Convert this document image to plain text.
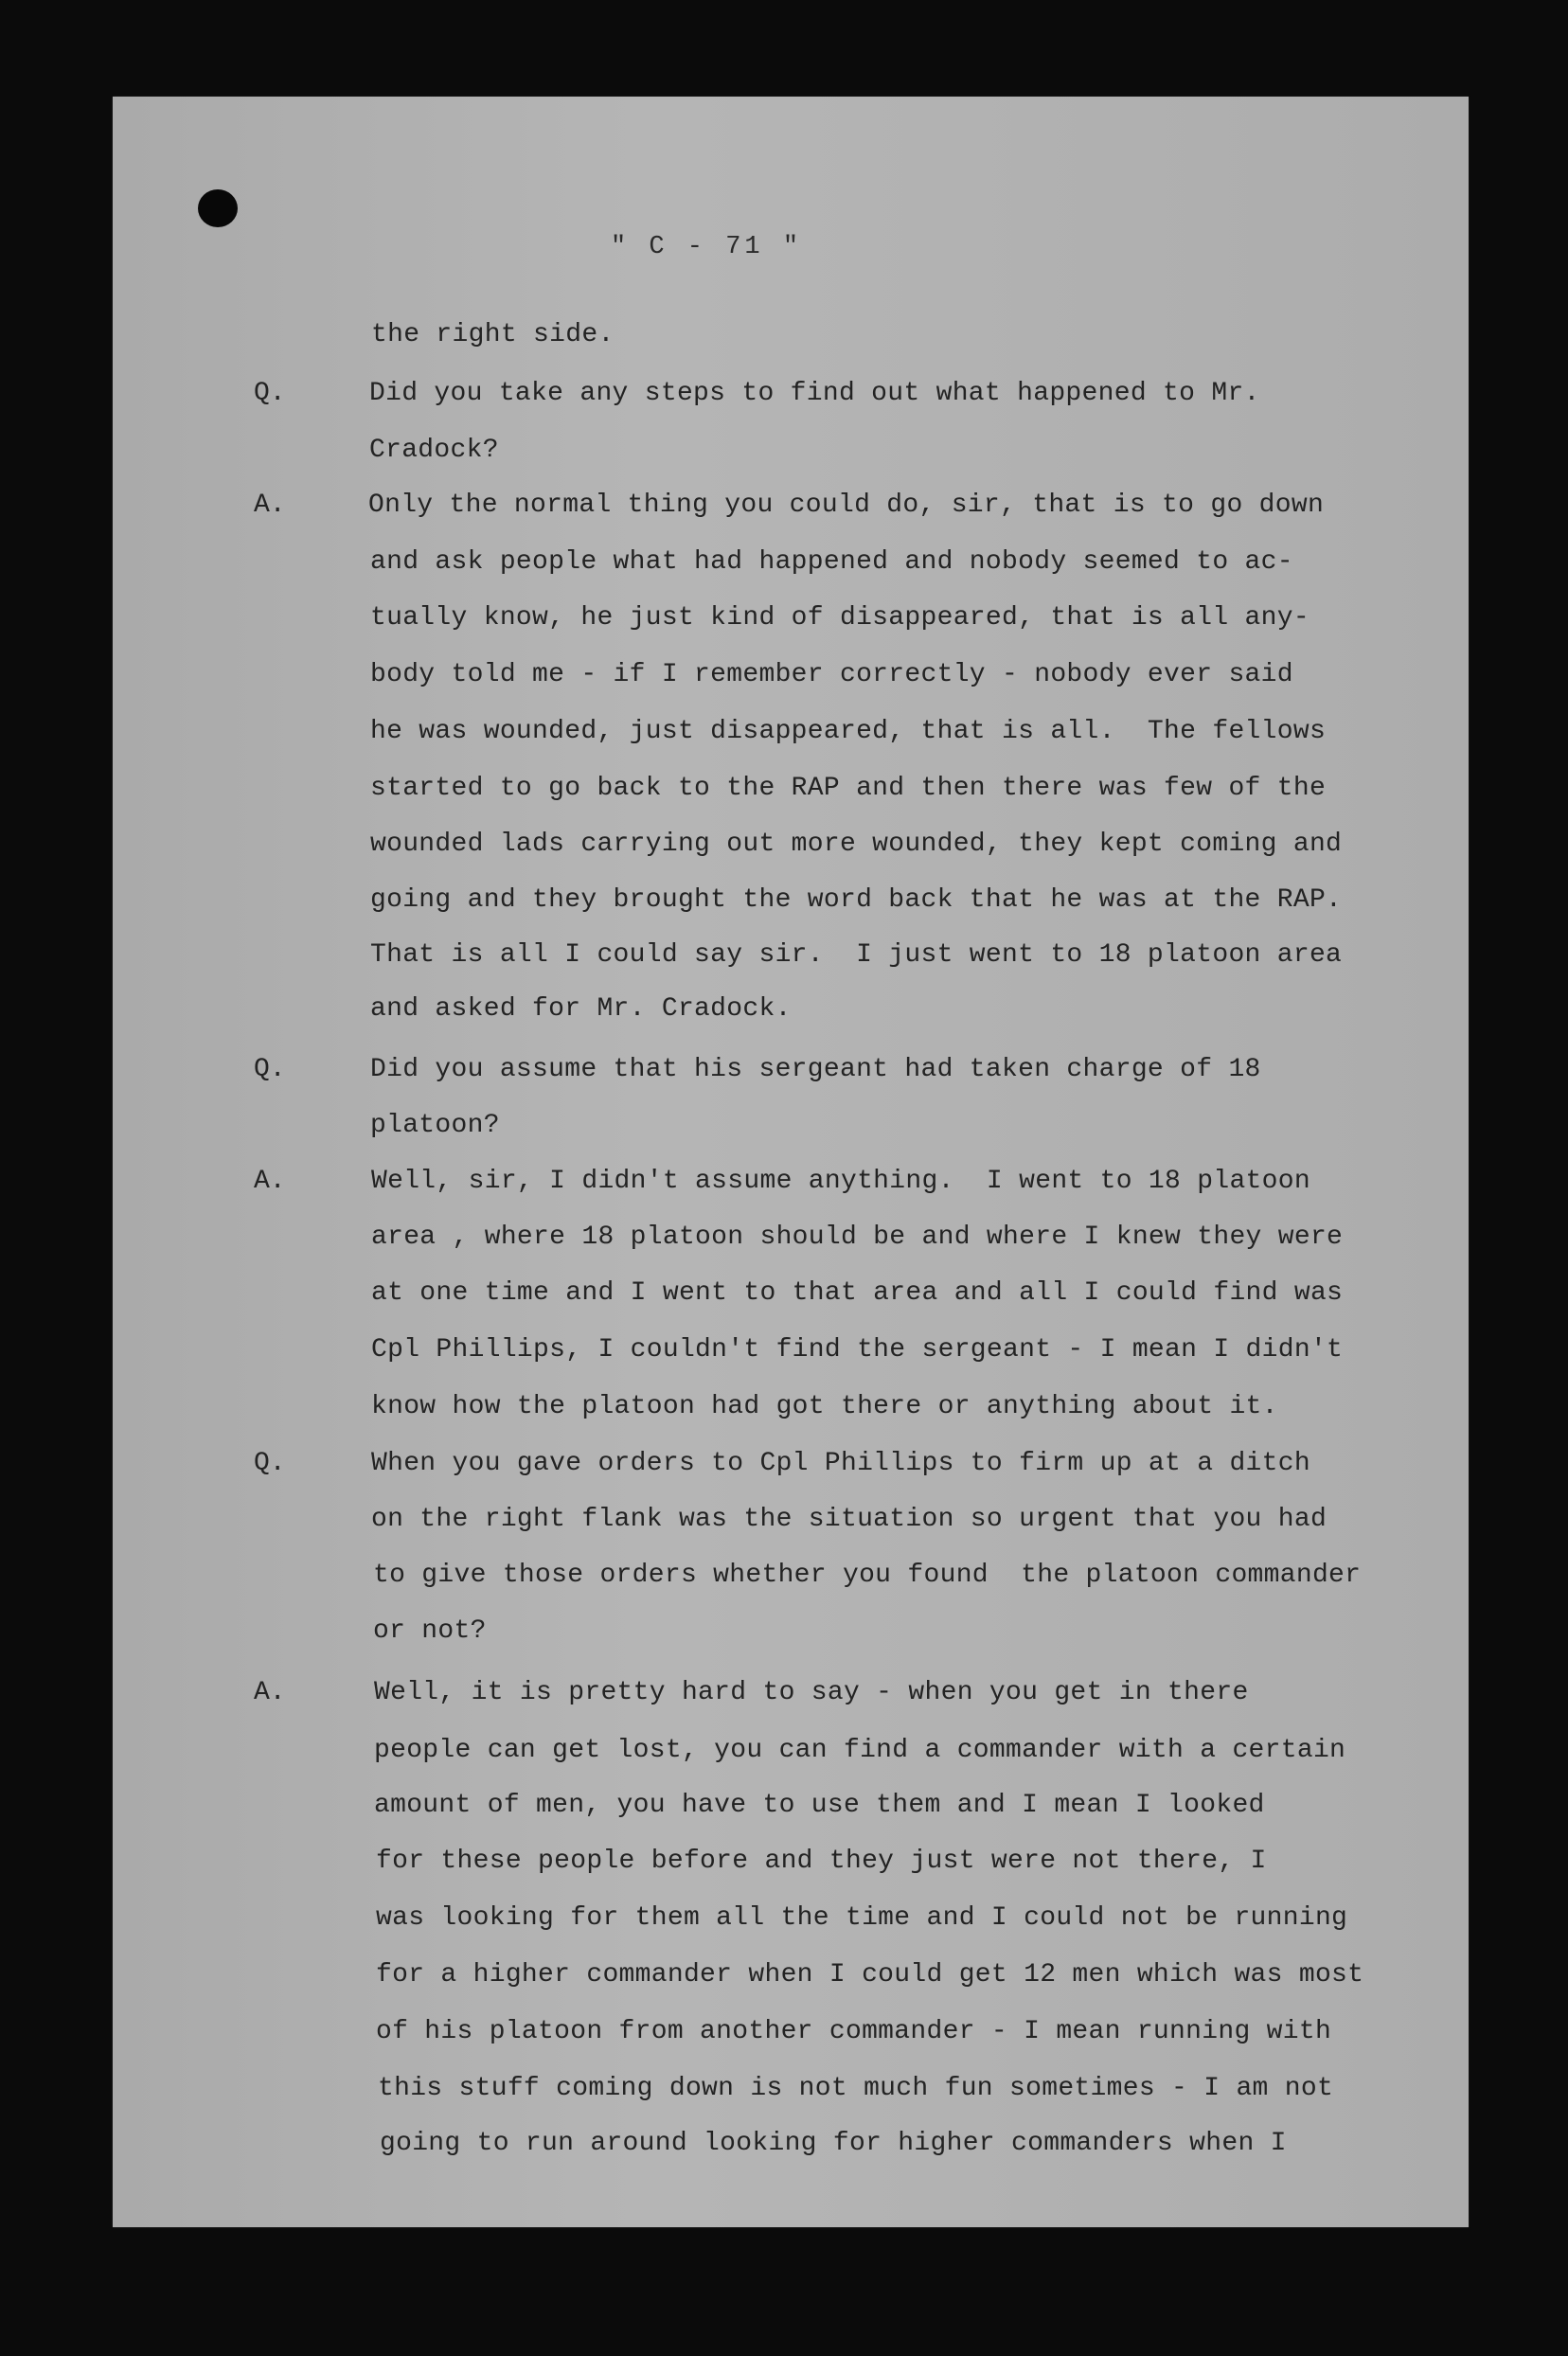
" C - 71 "
the right side.
Q.	Did you take any steps to find out what happened to Mr.
Cradock?
A.	Only the normal thing you could do, sir, that is to go down
and ask people what had happened and nobody seemed to ac-
tually know, he just kind of disappeared, that is all any-
body told me - if I remember correctly - nobody ever said
he was wounded, just disappeared, that is all.  The fellows
started to go back to the RAP and then there was few of the
wounded lads carrying out more wounded, they kept coming and
going and they brought the word back that he was at the RAP.
That is all I could say sir.  I just went to 18 platoon area
and asked for Mr. Cradock.
Q.	Did you assume that his sergeant had taken charge of 18
platoon?
A.	Well, sir, I didn't assume anything.  I went to 18 platoon
area , where 18 platoon should be and where I knew they were
at one time and I went to that area and all I could find was
Cpl Phillips, I couldn't find the sergeant - I mean I didn't
know how the platoon had got there or anything about it.
Q.	When you gave orders to Cpl Phillips to firm up at a ditch
on the right flank was the situation so urgent that you had
to give those orders whether you found  the platoon commander
or not?
A.	Well, it is pretty hard to say - when you get in there
people can get lost, you can find a commander with a certain
amount of men, you have to use them and I mean I looked
for these people before and they just were not there, I
was looking for them all the time and I could not be running
for a higher commander when I could get 12 men which was most
of his platoon from another commander - I mean running with
this stuff coming down is not much fun sometimes - I am not
going to run around looking for higher commanders when I
